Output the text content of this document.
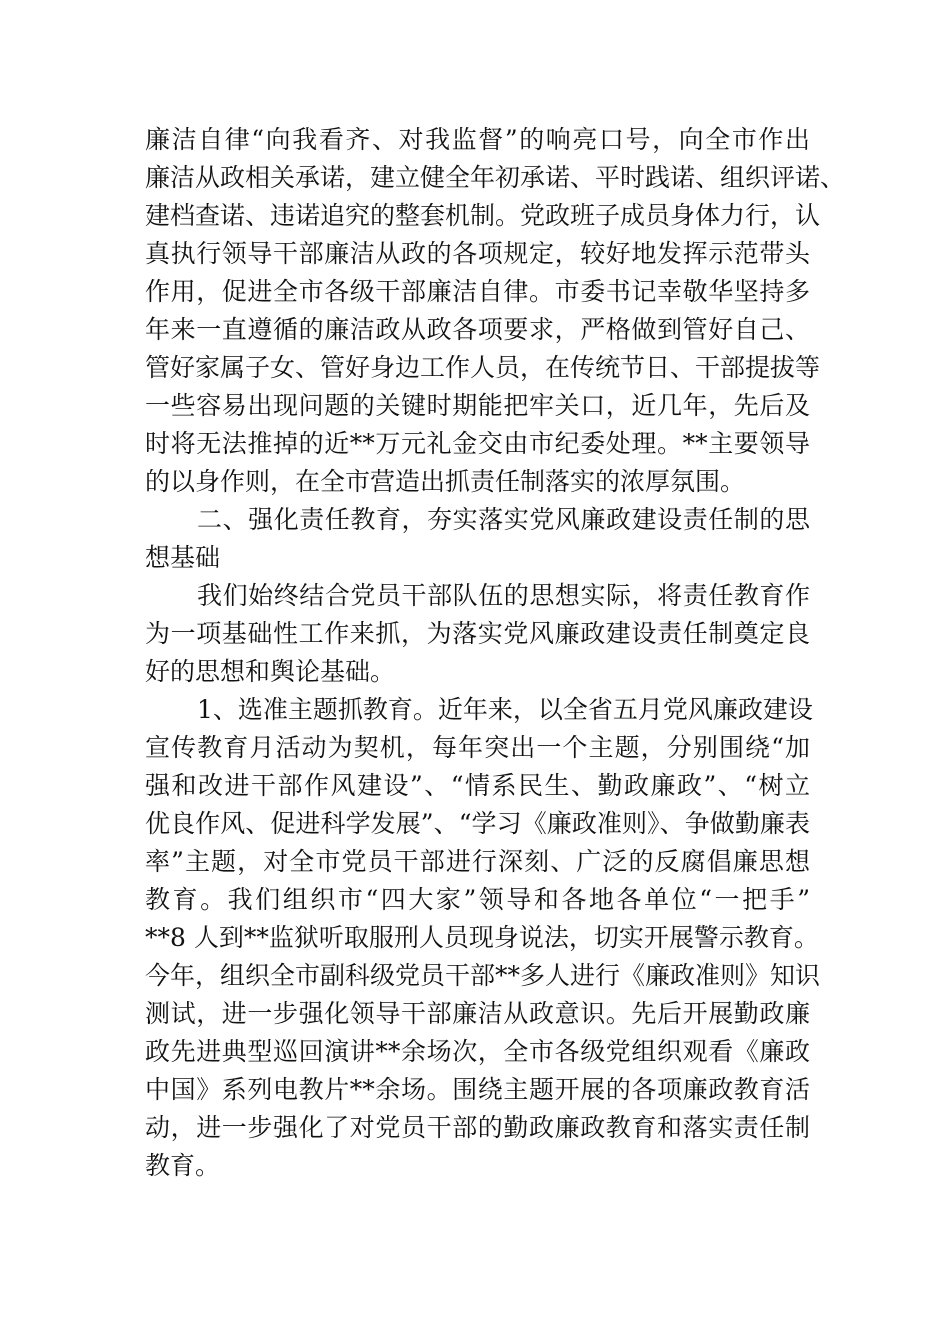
廉洁自律“向我看齐、对我监督”的响亮口号，向全市作出
廉洁从政相关承诺，建立健全年初承诺、平时践诺、组织评诺、
建档查诺、违诺追究的整套机制。党政班子成员身体力行，认
真执行领导干部廉洁从政的各项规定，较好地发挥示范带头
作用，促进全市各级干部廉洁自律。市委书记幸敬华坚持多
年来一直遵循的廉洁政从政各项要求，严格做到管好自己、
管好家属子女、管好身边工作人员，在传统节日、干部提拔等
一些容易出现问题的关键时期能把牢关口，近几年，先后及
时将无法推掉的近**万元礼金交由市纪委处理。**主要领导
的以身作则，在全市营造出抓责任制落实的浓厚氛围。
二、强化责任教育，夯实落实党风廉政建设责任制的思
想基础
我们始终结合党员干部队伍的思想实际，将责任教育作
为一项基础性工作来抓，为落实党风廉政建设责任制奠定良
好的思想和舆论基础。
1、选准主题抓教育。近年来，以全省五月党风廉政建设
宣传教育月活动为契机，每年突出一个主题，分别围绕“加
强和改进干部作风建设”、“情系民生、勤政廉政”、“树立
优良作风、促进科学发展”、“学习《廉政准则》、争做勤廉表
率”主题，对全市党员干部进行深刻、广泛的反腐倡廉思想
教育。我们组织市“四大家”领导和各地各单位“一把手”
**8 人到**监狱听取服刑人员现身说法，切实开展警示教育。
今年，组织全市副科级党员干部**多人进行《廉政准则》知识
测试，进一步强化领导干部廉洁从政意识。先后开展勤政廉
政先进典型巡回演讲**余场次，全市各级党组织观看《廉政
中国》系列电教片**余场。围绕主题开展的各项廉政教育活
动，进一步强化了对党员干部的勤政廉政教育和落实责任制
教育。
